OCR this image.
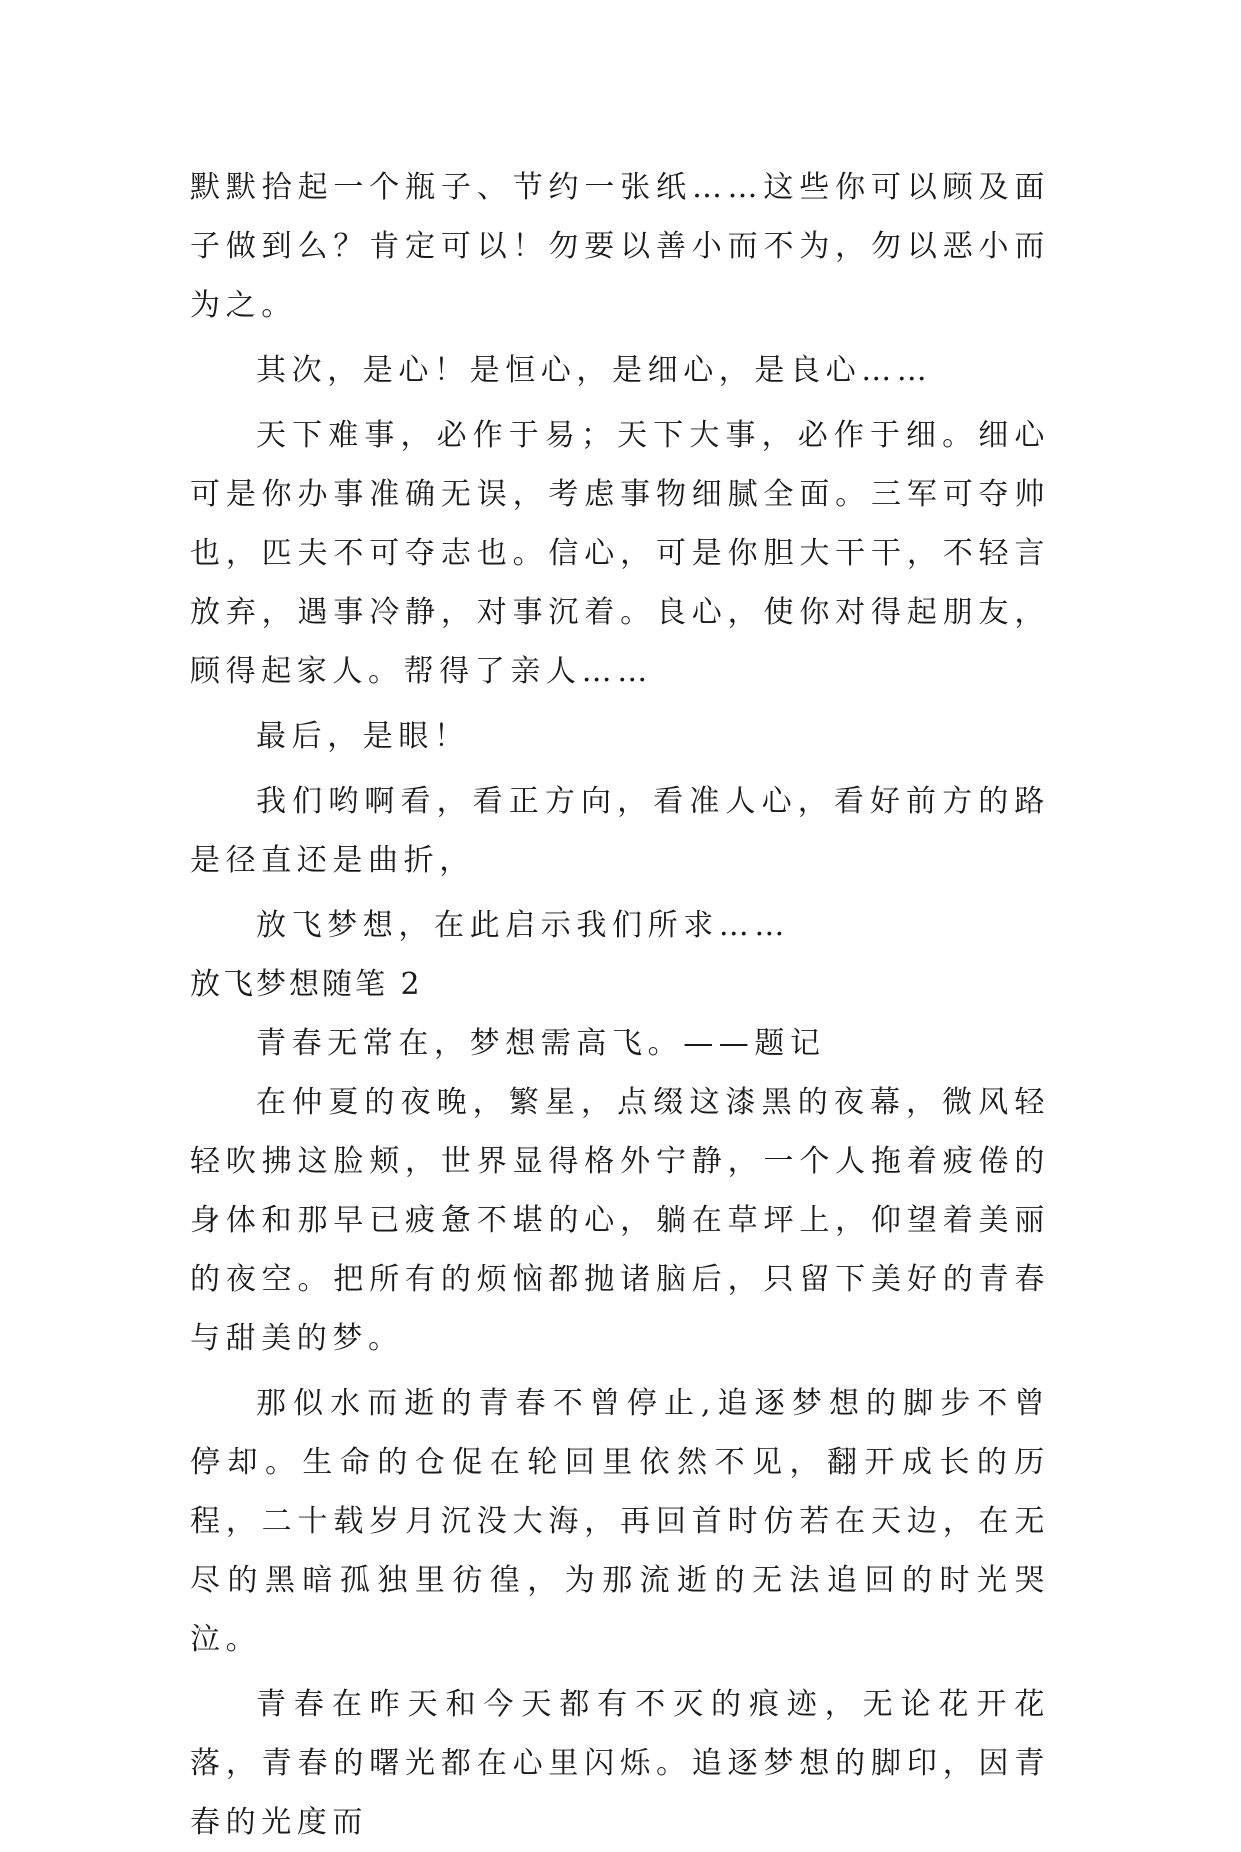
默默拾起一个瓶子、节约一张纸……这些你可以顾及面子做到么？肯定可以！勿要以善小而不为，勿以恶小而为之。

其次，是心！是恒心，是细心，是良心……

天下难事，必作于易；天下大事，必作于细。细心可是你办事准确无误，考虑事物细腻全面。三军可夺帅也，匹夫不可夺志也。信心，可是你胆大干干，不轻言放弃，遇事冷静，对事沉着。良心，使你对得起朋友，顾得起家人。帮得了亲人……

最后，是眼！

我们哟啊看，看正方向，看准人心，看好前方的路是径直还是曲折，

放飞梦想，在此启示我们所求……

放飞梦想随笔 2

青春无常在，梦想需高飞。——题记

在仲夏的夜晚，繁星，点缀这漆黑的夜幕，微风轻轻吹拂这脸颊，世界显得格外宁静，一个人拖着疲倦的身体和那早已疲惫不堪的心，躺在草坪上，仰望着美丽的夜空。把所有的烦恼都抛诸脑后，只留下美好的青春与甜美的梦。

那似水而逝的青春不曾停止,追逐梦想的脚步不曾停却。生命的仓促在轮回里依然不见，翻开成长的历程，二十载岁月沉没大海，再回首时仿若在天边，在无尽的黑暗孤独里彷徨，为那流逝的无法追回的时光哭泣。

青春在昨天和今天都有不灭的痕迹，无论花开花落，青春的曙光都在心里闪烁。追逐梦想的脚印，因青春的光度而
